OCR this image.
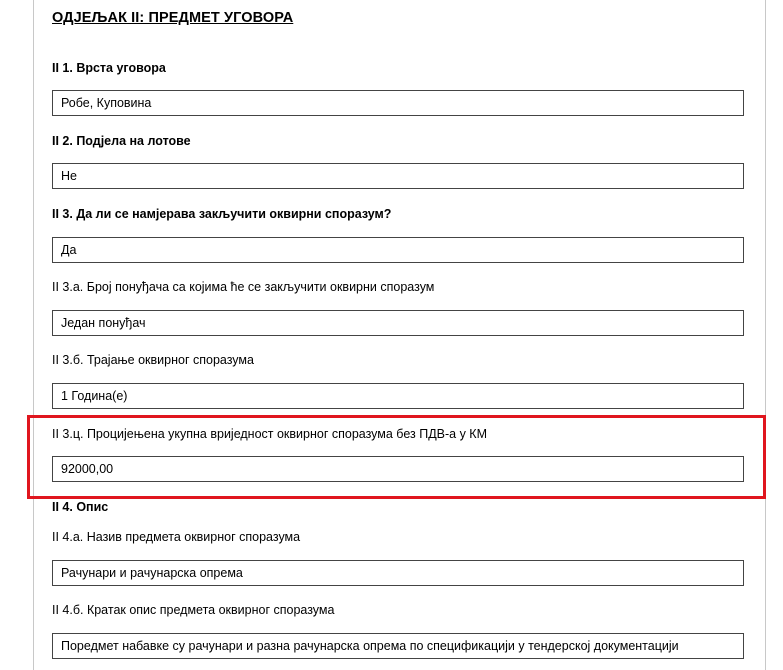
ОДЈЕЉАК II: ПРЕДМЕТ УГОВОРА
II 1. Врста уговора
Робе, Куповина
II 2. Подјела на лотове
Не
II 3. Да ли се намјерава закључити оквирни споразум?
Да
II 3.а. Број понуђача са којима ће се закључити оквирни споразум
Један понуђач
II 3.б. Трајање оквирног споразума
1 Година(е)
II 3.ц. Процијењена укупна вриједност оквирног споразума без ПДВ-а у КМ
92000,00
II 4. Опис
II 4.а. Назив предмета оквирног споразума
Рачунари и рачунарска опрема
II 4.б. Кратак опис предмета оквирног споразума
Поредмет набавке су рачунари и разна рачунарска опрема по спецификацији у тендерској документацији
